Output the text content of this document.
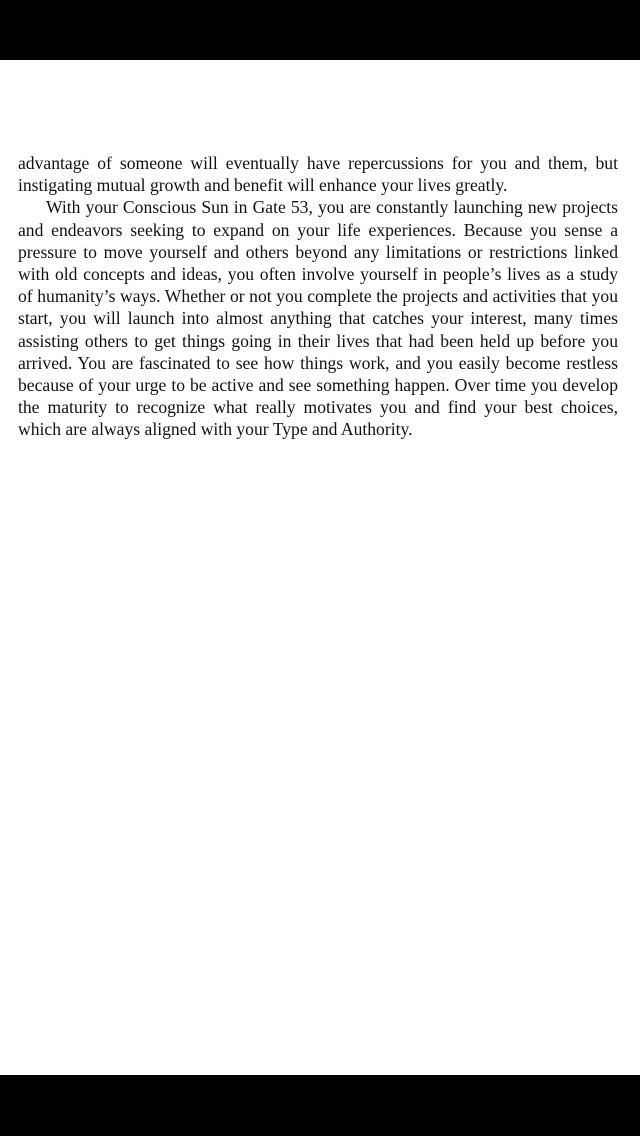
advantage of someone will eventually have repercussions for you and them, but instigating mutual growth and benefit will enhance your lives greatly.

With your Conscious Sun in Gate 53, you are constantly launching new projects and endeavors seeking to expand on your life experiences. Because you sense a pressure to move yourself and others beyond any limitations or restrictions linked with old concepts and ideas, you often involve yourself in people’s lives as a study of humanity’s ways. Whether or not you complete the projects and activities that you start, you will launch into almost anything that catches your interest, many times assisting others to get things going in their lives that had been held up before you arrived. You are fascinated to see how things work, and you easily become restless because of your urge to be active and see something happen. Over time you develop the maturity to recognize what really motivates you and find your best choices, which are always aligned with your Type and Authority.
